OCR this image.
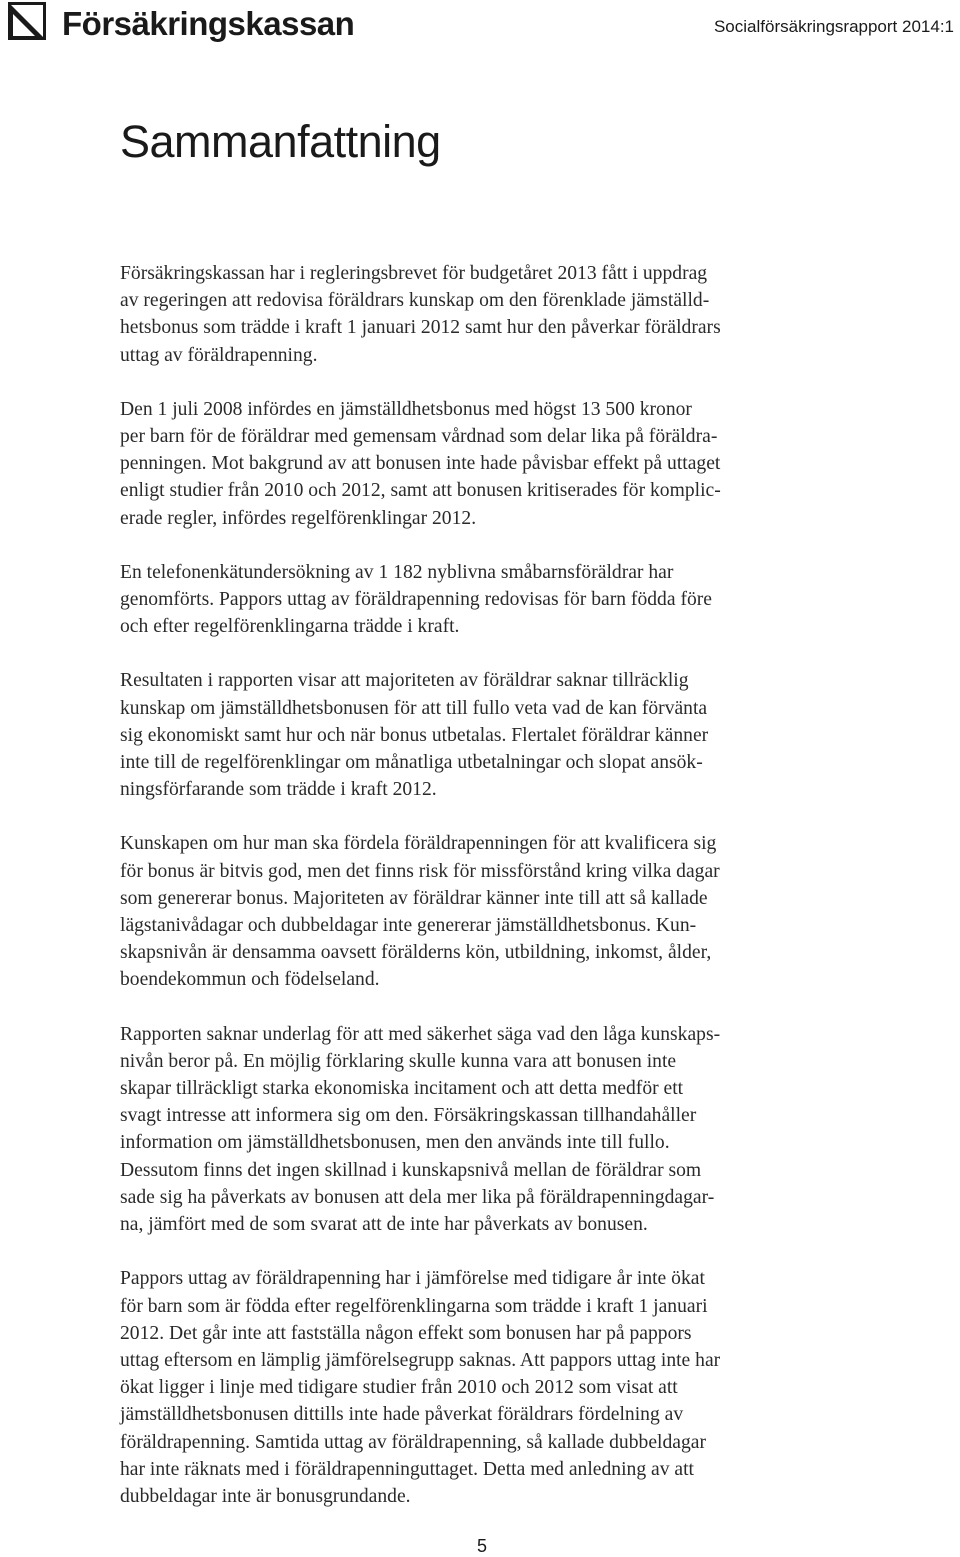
Försäkringskassan	Socialförsäkringsrapport 2014:1
Sammanfattning

Försäkringskassan har i regleringsbrevet för budgetåret 2013 fått i uppdrag
av regeringen att redovisa föräldrars kunskap om den förenklade jämställd-
hetsbonus som trädde i kraft 1 januari 2012 samt hur den påverkar föräldrars
uttag av föräldrapenning.

Den 1 juli 2008 infördes en jämställdhetsbonus med högst 13 500 kronor
per barn för de föräldrar med gemensam vårdnad som delar lika på föräldra-
penningen. Mot bakgrund av att bonusen inte hade påvisbar effekt på uttaget
enligt studier från 2010 och 2012, samt att bonusen kritiserades för komplic-
erade regler, infördes regelförenklingar 2012.

En telefonenkätundersökning av 1 182 nyblivna småbarnsföräldrar har
genomförts. Pappors uttag av föräldrapenning redovisas för barn födda före
och efter regelförenklingarna trädde i kraft.

Resultaten i rapporten visar att majoriteten av föräldrar saknar tillräcklig
kunskap om jämställdhetsbonusen för att till fullo veta vad de kan förvänta
sig ekonomiskt samt hur och när bonus utbetalas. Flertalet föräldrar känner
inte till de regelförenklingar om månatliga utbetalningar och slopat ansök-
ningsförfarande som trädde i kraft 2012.

Kunskapen om hur man ska fördela föräldrapenningen för att kvalificera sig
för bonus är bitvis god, men det finns risk för missförstånd kring vilka dagar
som genererar bonus. Majoriteten av föräldrar känner inte till att så kallade
lägstanivådagar och dubbeldagar inte genererar jämställdhetsbonus. Kun-
skapsnivån är densamma oavsett förälderns kön, utbildning, inkomst, ålder,
boendekommun och födelseland.

Rapporten saknar underlag för att med säkerhet säga vad den låga kunskaps-
nivån beror på. En möjlig förklaring skulle kunna vara att bonusen inte
skapar tillräckligt starka ekonomiska incitament och att detta medför ett
svagt intresse att informera sig om den. Försäkringskassan tillhandahåller
information om jämställdhetsbonusen, men den används inte till fullo.
Dessutom finns det ingen skillnad i kunskapsnivå mellan de föräldrar som
sade sig ha påverkats av bonusen att dela mer lika på föräldrapenningdagar-
na, jämfört med de som svarat att de inte har påverkats av bonusen.

Pappors uttag av föräldrapenning har i jämförelse med tidigare år inte ökat
för barn som är födda efter regelförenklingarna som trädde i kraft 1 januari
2012. Det går inte att fastställa någon effekt som bonusen har på pappors
uttag eftersom en lämplig jämförelsegrupp saknas. Att pappors uttag inte har
ökat ligger i linje med tidigare studier från 2010 och 2012 som visat att
jämställdhetsbonusen dittills inte hade påverkat föräldrars fördelning av
föräldrapenning. Samtida uttag av föräldrapenning, så kallade dubbeldagar
har inte räknats med i föräldrapenninguttaget. Detta med anledning av att
dubbeldagar inte är bonusgrundande.

5
